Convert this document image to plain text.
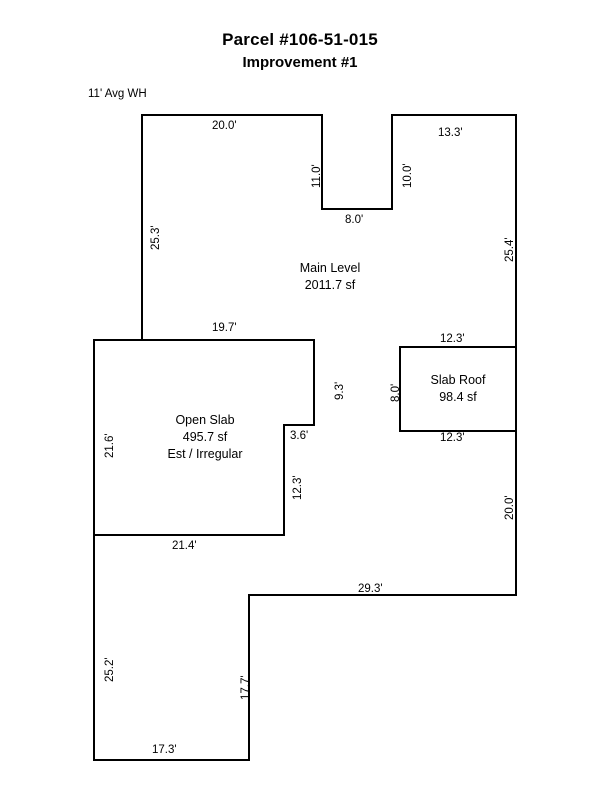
Parcel #106-51-015
Improvement #1
11' Avg WH
Main Level
2011.7 sf
Slab Roof
98.4 sf
Open Slab
495.7 sf
Est / Irregular
20.0'
13.3'
8.0'
19.7'
12.3'
3.6'	12.3'
21.4'
29.3'
17.3'
11.0'	10.0'
25.3'	25.4'
9.3'	8.0'
21.6'
12.3'
20.0'
25.2'
17.7'
